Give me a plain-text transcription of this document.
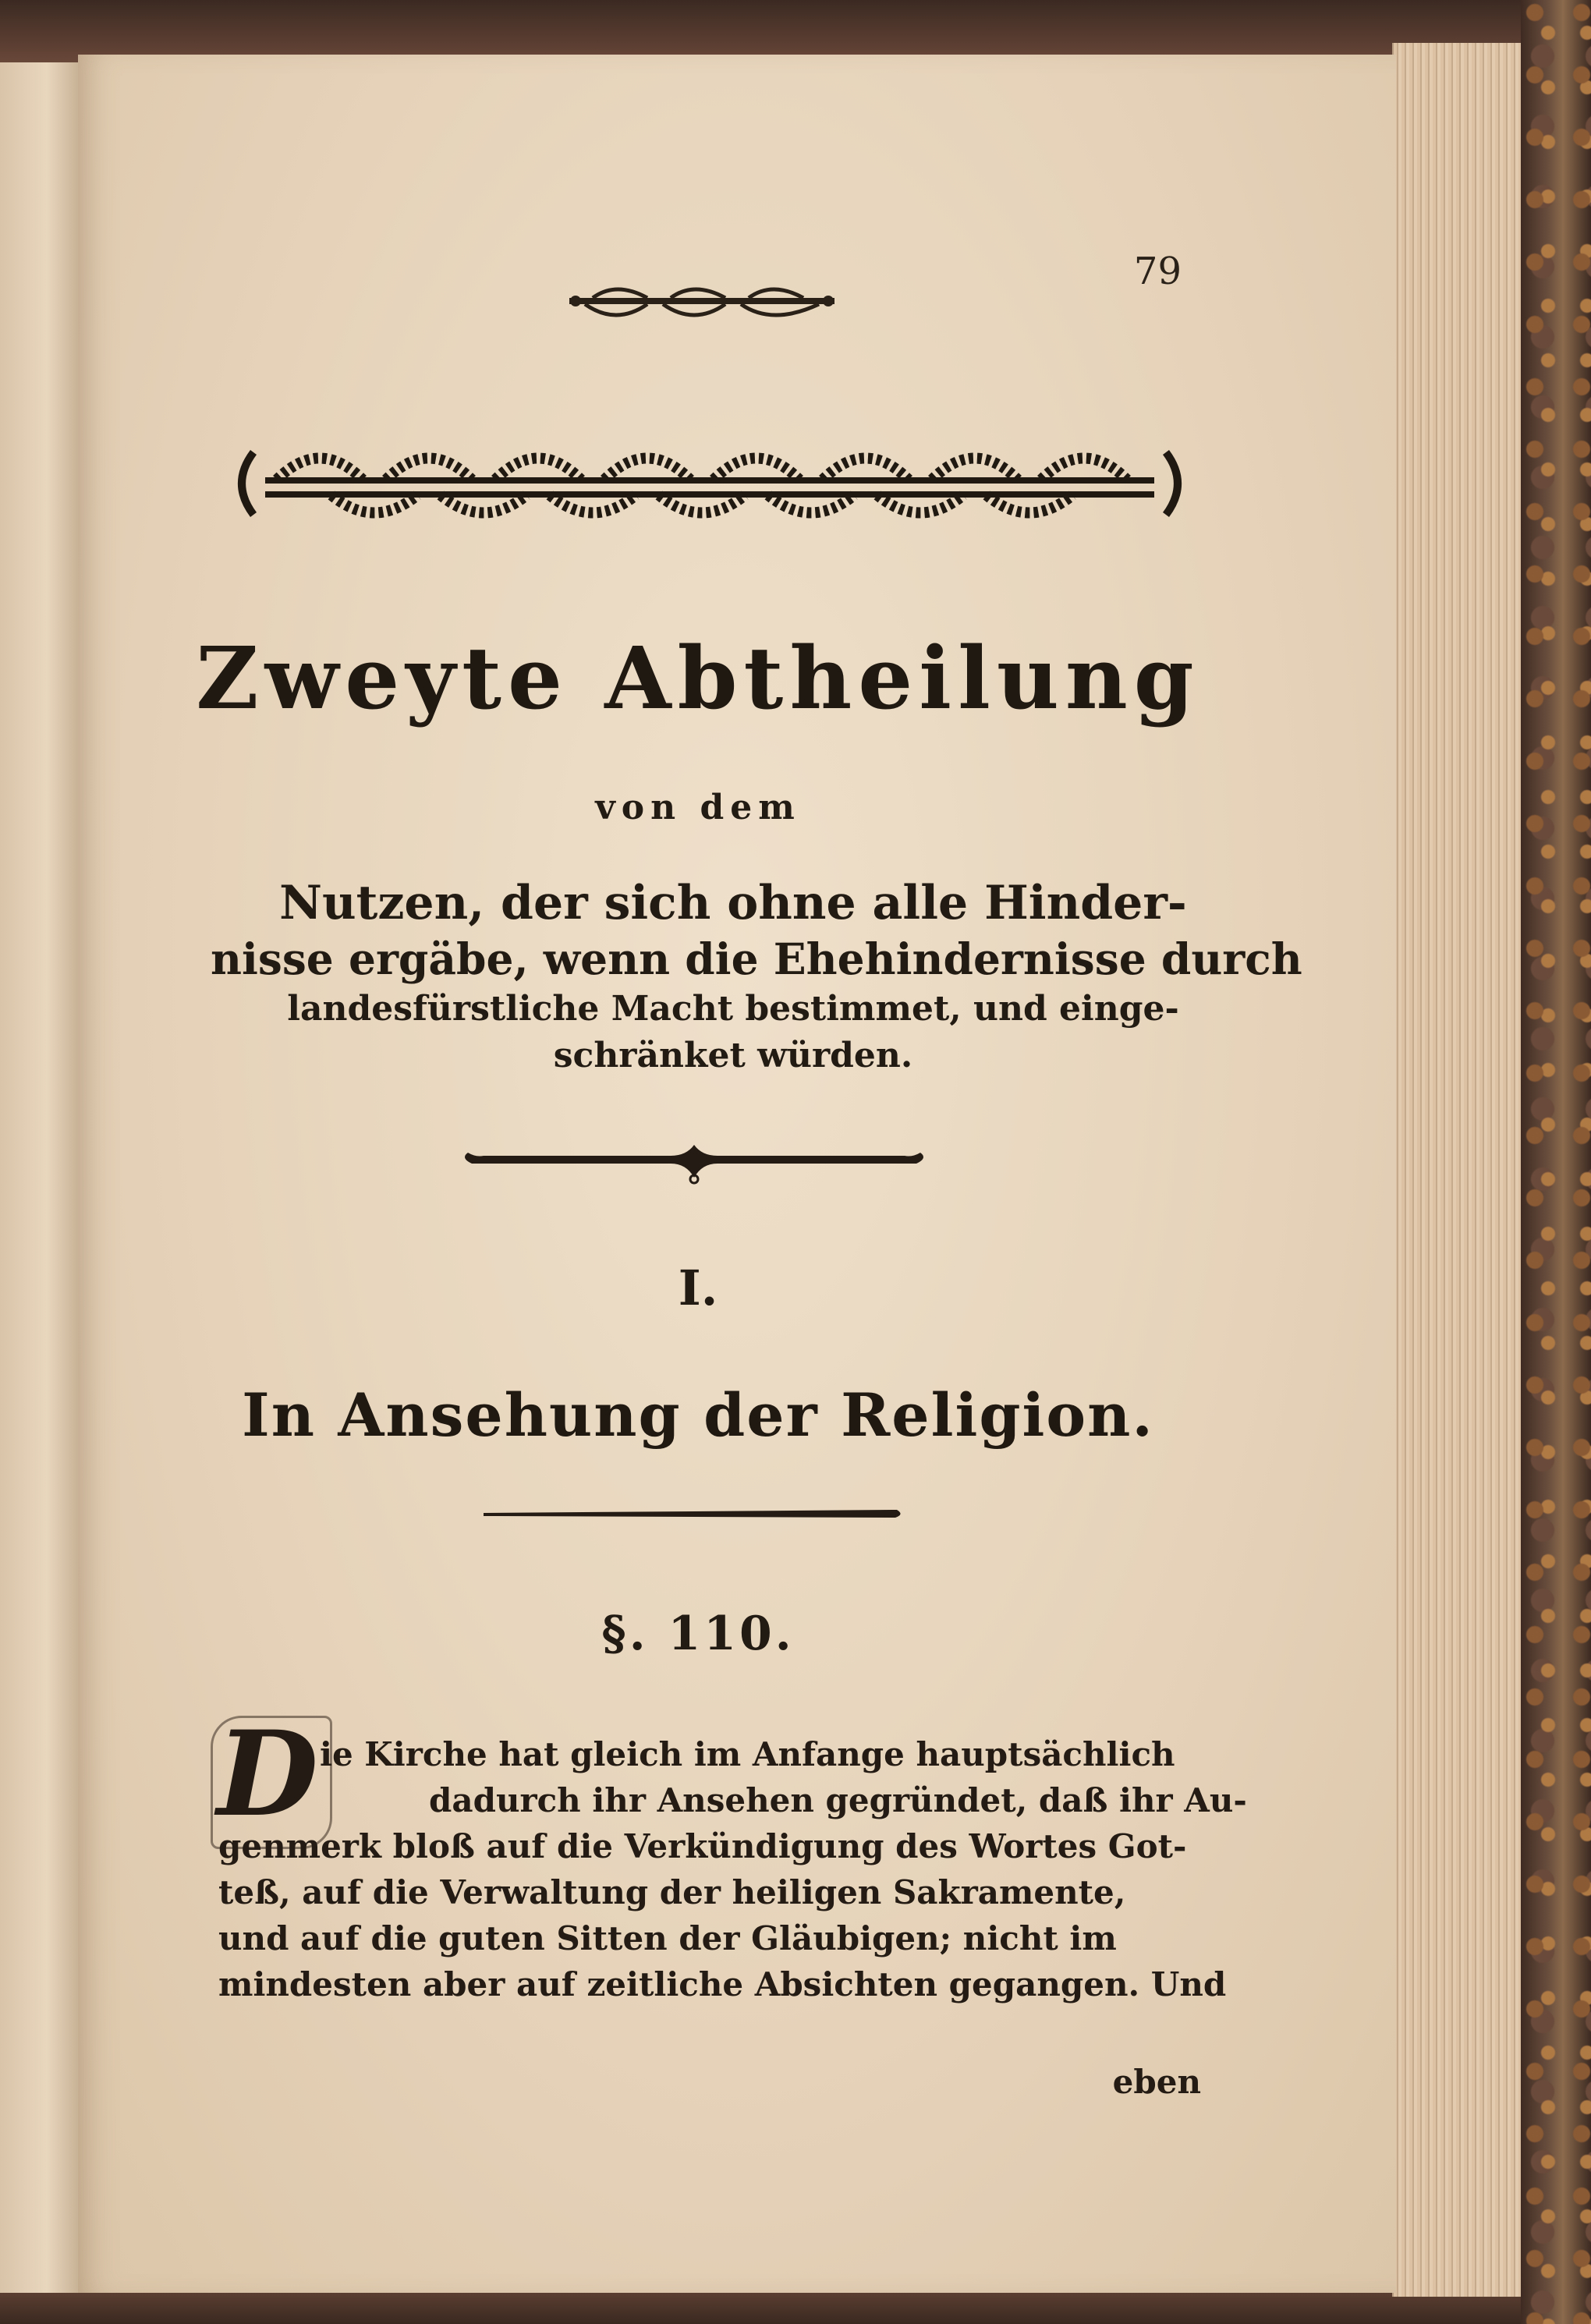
79
Zweyte Abtheilung
von dem
Nutzen, der sich ohne alle Hinder-
nisse ergäbe, wenn die Ehehindernisse durch
landesfürstliche Macht bestimmet, und einge-
schränket würden.
I.
In Ansehung der Religion.
§. 110.
D ie Kirche hat gleich im Anfange hauptsächlich
dadurch ihr Ansehen gegründet, daß ihr Au-
genmerk bloß auf die Verkündigung des Wortes Got-
teß, auf die Verwaltung der heiligen Sakramente,
und auf die guten Sitten der Gläubigen; nicht im
mindesten aber auf zeitliche Absichten gegangen. Und
eben
